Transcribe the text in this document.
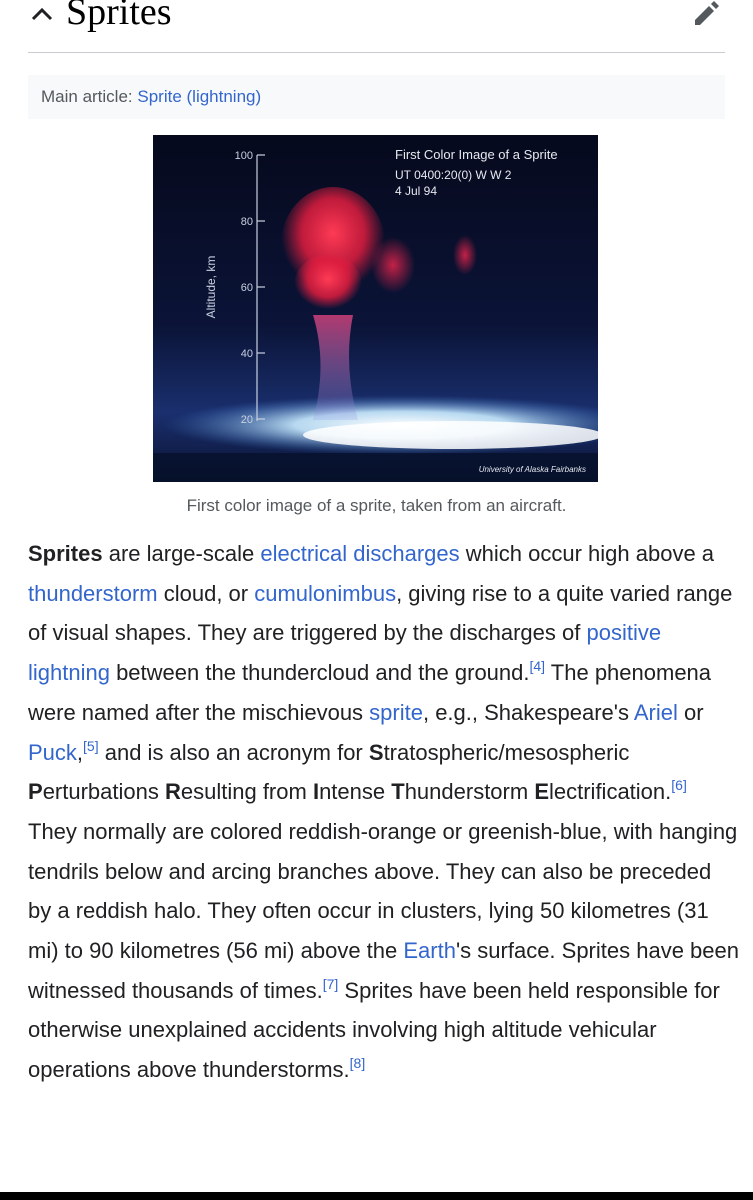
Sprites
Main article: Sprite (lightning)
100
80
60
40
20
Altitude, km
First Color Image of a Sprite
UT 0400:20(0) W W 2
4 Jul 94
University of Alaska Fairbanks
First color image of a sprite, taken from an aircraft.

Sprites are large-scale electrical discharges which occur high above a thunderstorm cloud, or cumulonimbus, giving rise to a quite varied range of visual shapes. They are triggered by the discharges of positive lightning between the thundercloud and the ground.[4] The phenomena were named after the mischievous sprite, e.g., Shakespeare's Ariel or Puck,[5] and is also an acronym for Stratospheric/mesospheric Perturbations Resulting from Intense Thunderstorm Electrification.[6] They normally are colored reddish-orange or greenish-blue, with hanging tendrils below and arcing branches above. They can also be preceded by a reddish halo. They often occur in clusters, lying 50 kilometres (31 mi) to 90 kilometres (56 mi) above the Earth's surface. Sprites have been witnessed thousands of times.[7] Sprites have been held responsible for otherwise unexplained accidents involving high altitude vehicular operations above thunderstorms.[8]
